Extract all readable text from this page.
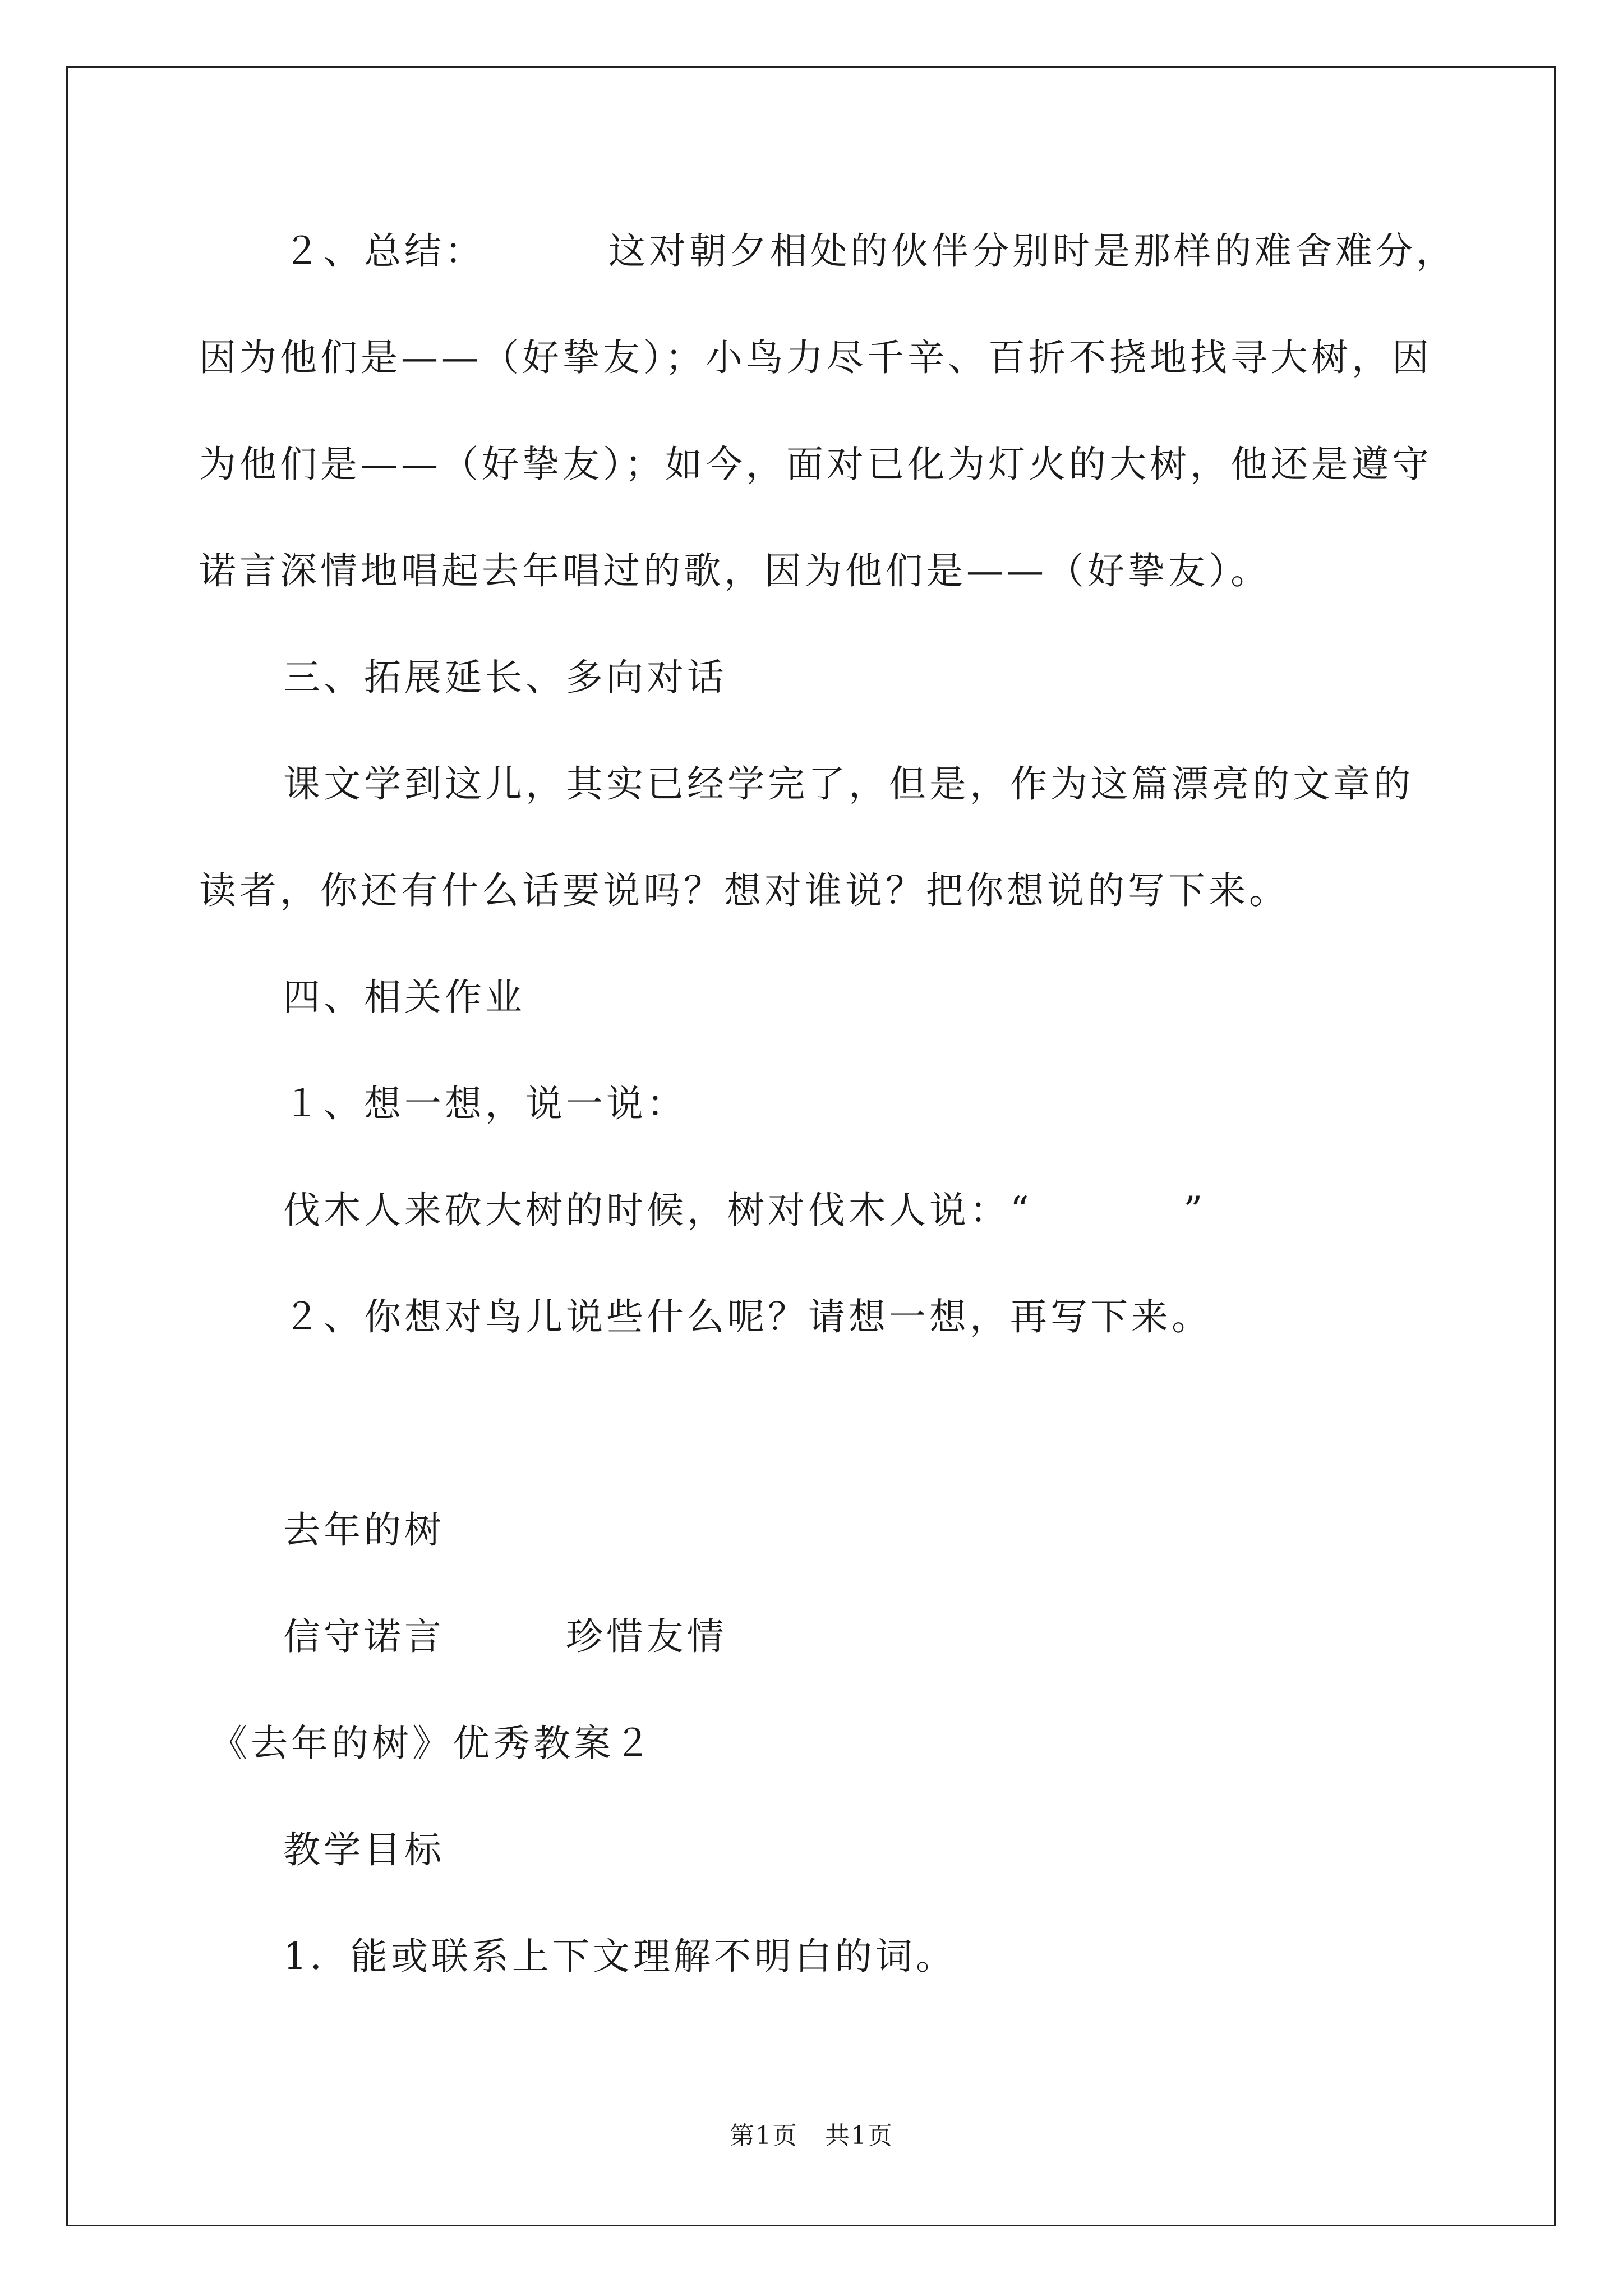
２、总结：	这对朝夕相处的伙伴分别时是那样的难舍难分，
因为他们是——（好挚友）；小鸟力尽千辛、百折不挠地找寻大树，因
为他们是——（好挚友）；如今，面对已化为灯火的大树，他还是遵守
诺言深情地唱起去年唱过的歌，因为他们是——（好挚友）。
三、拓展延长、多向对话
课文学到这儿，其实已经学完了，但是，作为这篇漂亮的文章的
读者，你还有什么话要说吗？想对谁说？把你想说的写下来。
四、相关作业
１、想一想，说一说：
伐木人来砍大树的时候，树对伐木人说：“          ”
２、你想对鸟儿说些什么呢？请想一想，再写下来。
去年的树
信守诺言        珍惜友情
《去年的树》优秀教案２
教学目标
1．能或联系上下文理解不明白的词。
第1页   共1页
